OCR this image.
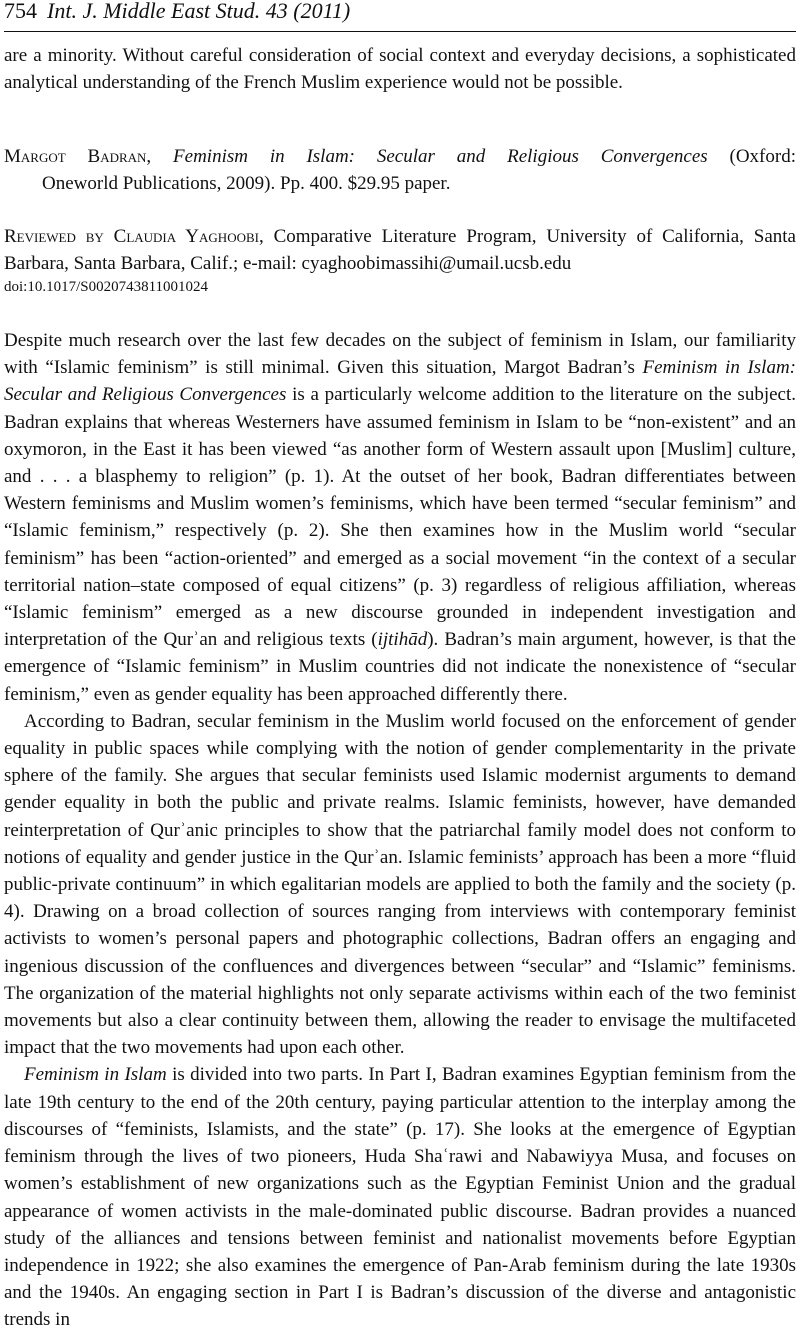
754 Int. J. Middle East Stud. 43 (2011)

are a minority. Without careful consideration of social context and everyday decisions, a sophisticated analytical understanding of the French Muslim experience would not be possible.

Margot Badran, Feminism in Islam: Secular and Religious Convergences (Oxford:
Oneworld Publications, 2009). Pp. 400. $29.95 paper.
Reviewed by Claudia Yaghoobi, Comparative Literature Program, University of California, Santa Barbara, Santa Barbara, Calif.; e-mail: cyaghoobimassihi@umail.ucsb.edu
doi:10.1017/S0020743811001024

Despite much research over the last few decades on the subject of feminism in Islam, our familiarity with “Islamic feminism” is still minimal. Given this situation, Margot Badran’s Feminism in Islam: Secular and Religious Convergences is a particularly welcome addition to the literature on the subject. Badran explains that whereas Westerners have assumed feminism in Islam to be “non-existent” and an oxymoron, in the East it has been viewed “as another form of Western assault upon [Muslim] culture, and . . . a blasphemy to religion” (p. 1). At the outset of her book, Badran differentiates between Western feminisms and Muslim women’s feminisms, which have been termed “secular feminism” and “Islamic feminism,” respectively (p. 2). She then examines how in the Muslim world “secular feminism” has been “action-oriented” and emerged as a social movement “in the context of a secular territorial nation–state composed of equal citizens” (p. 3) regardless of religious affiliation, whereas “Islamic feminism” emerged as a new discourse grounded in independent investigation and interpretation of the Qurʾan and religious texts (ijtihād). Badran’s main argument, however, is that the emergence of “Islamic feminism” in Muslim countries did not indicate the nonexistence of “secular feminism,” even as gender equality has been approached differently there.

According to Badran, secular feminism in the Muslim world focused on the enforcement of gender equality in public spaces while complying with the notion of gender complementarity in the private sphere of the family. She argues that secular feminists used Islamic modernist arguments to demand gender equality in both the public and private realms. Islamic feminists, however, have demanded reinterpretation of Qurʾanic principles to show that the patriarchal family model does not conform to notions of equality and gender justice in the Qurʾan. Islamic feminists’ approach has been a more “fluid public-private continuum” in which egalitarian models are applied to both the family and the society (p. 4). Drawing on a broad collection of sources ranging from interviews with contemporary feminist activists to women’s personal papers and photographic collections, Badran offers an engaging and ingenious discussion of the confluences and divergences between “secular” and “Islamic” feminisms. The organization of the material highlights not only separate activisms within each of the two feminist movements but also a clear continuity between them, allowing the reader to envisage the multifaceted impact that the two movements had upon each other.

Feminism in Islam is divided into two parts. In Part I, Badran examines Egyptian feminism from the late 19th century to the end of the 20th century, paying particular attention to the interplay among the discourses of “feminists, Islamists, and the state” (p. 17). She looks at the emergence of Egyptian feminism through the lives of two pioneers, Huda Shaʿrawi and Nabawiyya Musa, and focuses on women’s establishment of new organizations such as the Egyptian Feminist Union and the gradual appearance of women activists in the male-dominated public discourse. Badran provides a nuanced study of the alliances and tensions between feminist and nationalist movements before Egyptian independence in 1922; she also examines the emergence of Pan-Arab feminism during the late 1930s and the 1940s. An engaging section in Part I is Badran’s discussion of the diverse and antagonistic trends in
